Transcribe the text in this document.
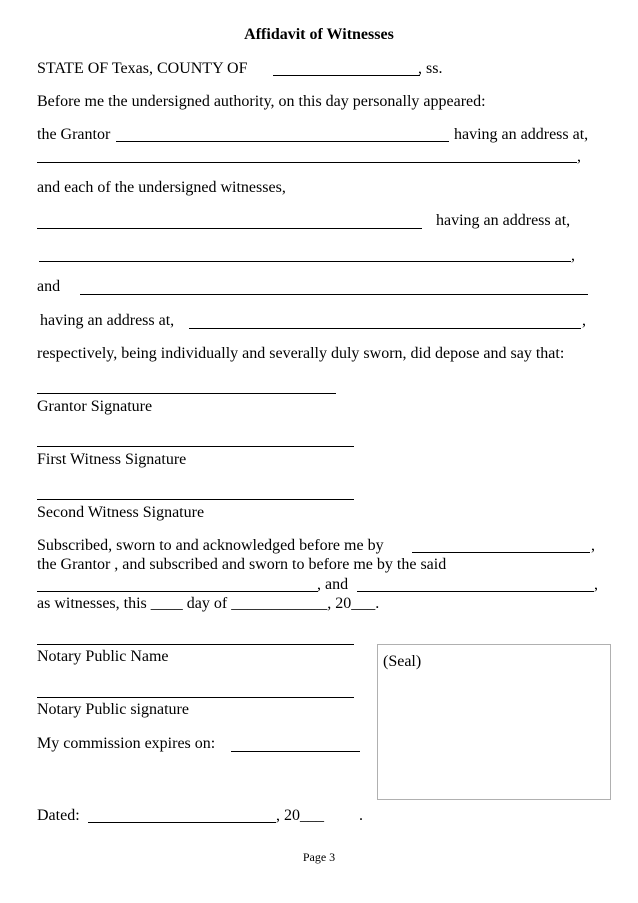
Affidavit of Witnesses

STATE OF Texas, COUNTY OF	, ss.
Before me the undersigned authority, on this day personally appeared:
the Grantor	having an address at,
,
and each of the undersigned witnesses,
having an address at,
,
and
having an address at,	,
respectively, being individually and severally duly sworn, did depose and say that:
Grantor Signature
First Witness Signature
Second Witness Signature
Subscribed, sworn to and acknowledged before me by	,
the Grantor , and subscribed and sworn to before me by the said
, and	,
as witnesses, this ____ day of ____________, 20___.
Notary Public Name
Notary Public signature
My commission expires on:
(Seal)
Dated:	, 20___ .
Page 3
